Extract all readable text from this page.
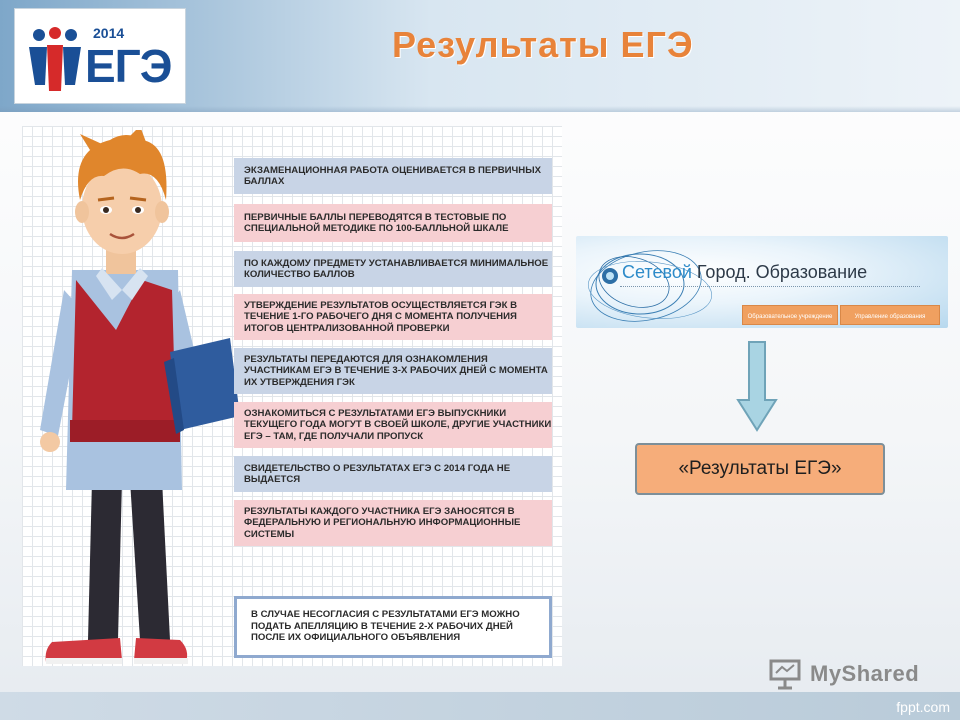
2014
ЕГЭ	Результаты ЕГЭ
ЭКЗАМЕНАЦИОННАЯ РАБОТА ОЦЕНИВАЕТСЯ В ПЕРВИЧНЫХ БАЛЛАХ
ПЕРВИЧНЫЕ БАЛЛЫ ПЕРЕВОДЯТСЯ В ТЕСТОВЫЕ ПО СПЕЦИАЛЬНОЙ МЕТОДИКЕ ПО 100-БАЛЛЬНОЙ ШКАЛЕ
ПО КАЖДОМУ ПРЕДМЕТУ УСТАНАВЛИВАЕТСЯ МИНИМАЛЬНОЕ КОЛИЧЕСТВО БАЛЛОВ
УТВЕРЖДЕНИЕ РЕЗУЛЬТАТОВ ОСУЩЕСТВЛЯЕТСЯ ГЭК В ТЕЧЕНИЕ 1-ГО РАБОЧЕГО ДНЯ С МОМЕНТА ПОЛУЧЕНИЯ ИТОГОВ ЦЕНТРАЛИЗОВАННОЙ ПРОВЕРКИ
РЕЗУЛЬТАТЫ ПЕРЕДАЮТСЯ ДЛЯ ОЗНАКОМЛЕНИЯ УЧАСТНИКАМ ЕГЭ В ТЕЧЕНИЕ 3-Х РАБОЧИХ ДНЕЙ С МОМЕНТА ИХ УТВЕРЖДЕНИЯ ГЭК
ОЗНАКОМИТЬСЯ С РЕЗУЛЬТАТАМИ ЕГЭ ВЫПУСКНИКИ ТЕКУЩЕГО ГОДА МОГУТ В СВОЕЙ ШКОЛЕ, ДРУГИЕ УЧАСТНИКИ ЕГЭ – ТАМ, ГДЕ ПОЛУЧАЛИ ПРОПУСК
СВИДЕТЕЛЬСТВО О РЕЗУЛЬТАТАХ ЕГЭ С 2014 ГОДА НЕ ВЫДАЕТСЯ
РЕЗУЛЬТАТЫ КАЖДОГО УЧАСТНИКА ЕГЭ ЗАНОСЯТСЯ В ФЕДЕРАЛЬНУЮ И РЕГИОНАЛЬНУЮ ИНФОРМАЦИОННЫЕ СИСТЕМЫ
В СЛУЧАЕ НЕСОГЛАСИЯ С РЕЗУЛЬТАТАМИ ЕГЭ МОЖНО ПОДАТЬ АПЕЛЛЯЦИЮ В ТЕЧЕНИЕ 2-Х РАБОЧИХ ДНЕЙ ПОСЛЕ ИХ ОФИЦИАЛЬНОГО ОБЪЯВЛЕНИЯ
Сетевой Город. Образование
Образовательное учреждение	Управление образования
«Результаты ЕГЭ»
MyShared
fppt.com
